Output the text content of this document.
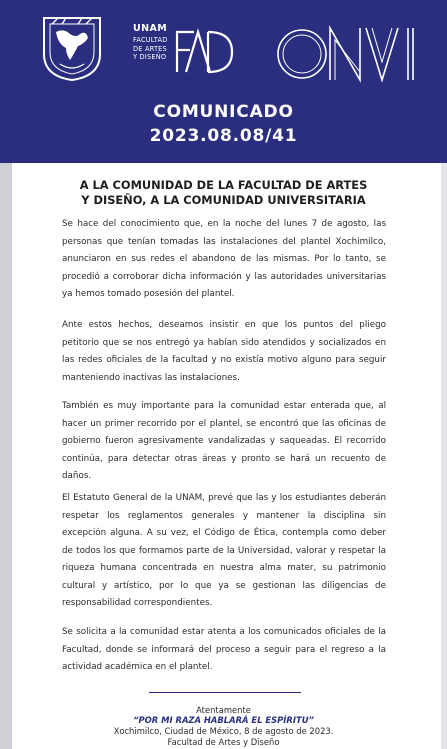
UNAM
FACULTAD
DE ARTES
Y DISEÑO
COMUNICADO
2023.08.08/41
A LA COMUNIDAD DE LA FACULTAD DE ARTES
Y DISEÑO, A LA COMUNIDAD UNIVERSITARIA

Se hace del conocimiento que, en la noche del lunes 7 de agosto, las personas que tenían tomadas las instalaciones del plantel Xochimilco, anunciaron en sus redes el abandono de las mismas. Por lo tanto, se procedió a corroborar dicha información y las autoridades universitarias ya hemos tomado posesión del plantel.

Ante estos hechos, deseamos insistir en que los puntos del pliego petitorio que se nos entregó ya habían sido atendidos y socializados en las redes oficiales de la facultad y no existía motivo alguno para seguir manteniendo inactivas las instalaciones.

También es muy importante para la comunidad estar enterada que, al hacer un primer recorrido por el plantel, se encontró que las oficinas de gobierno fueron agresivamente vandalizadas y saqueadas. El recorrido continúa, para detectar otras áreas y pronto se hará un recuento de daños.

El Estatuto General de la UNAM, prevé que las y los estudiantes deberán respetar los reglamentos generales y mantener la disciplina sin excepción alguna. A su vez, el Código de Ética, contempla como deber de todos los que formamos parte de la Universidad, valorar y respetar la riqueza humana concentrada en nuestra alma mater, su patrimonio cultural y artístico, por lo que ya se gestionan las diligencias de responsabilidad correspondientes.

Se solicita a la comunidad estar atenta a los comunicados oficiales de la Facultad, donde se informará del proceso a seguir para el regreso a la actividad académica en el plantel.

Atentamente
“POR MI RAZA HABLARÁ EL ESPÍRITU”
Xochimilco, Ciudad de México, 8 de agosto de 2023.
Facultad de Artes y Diseño
